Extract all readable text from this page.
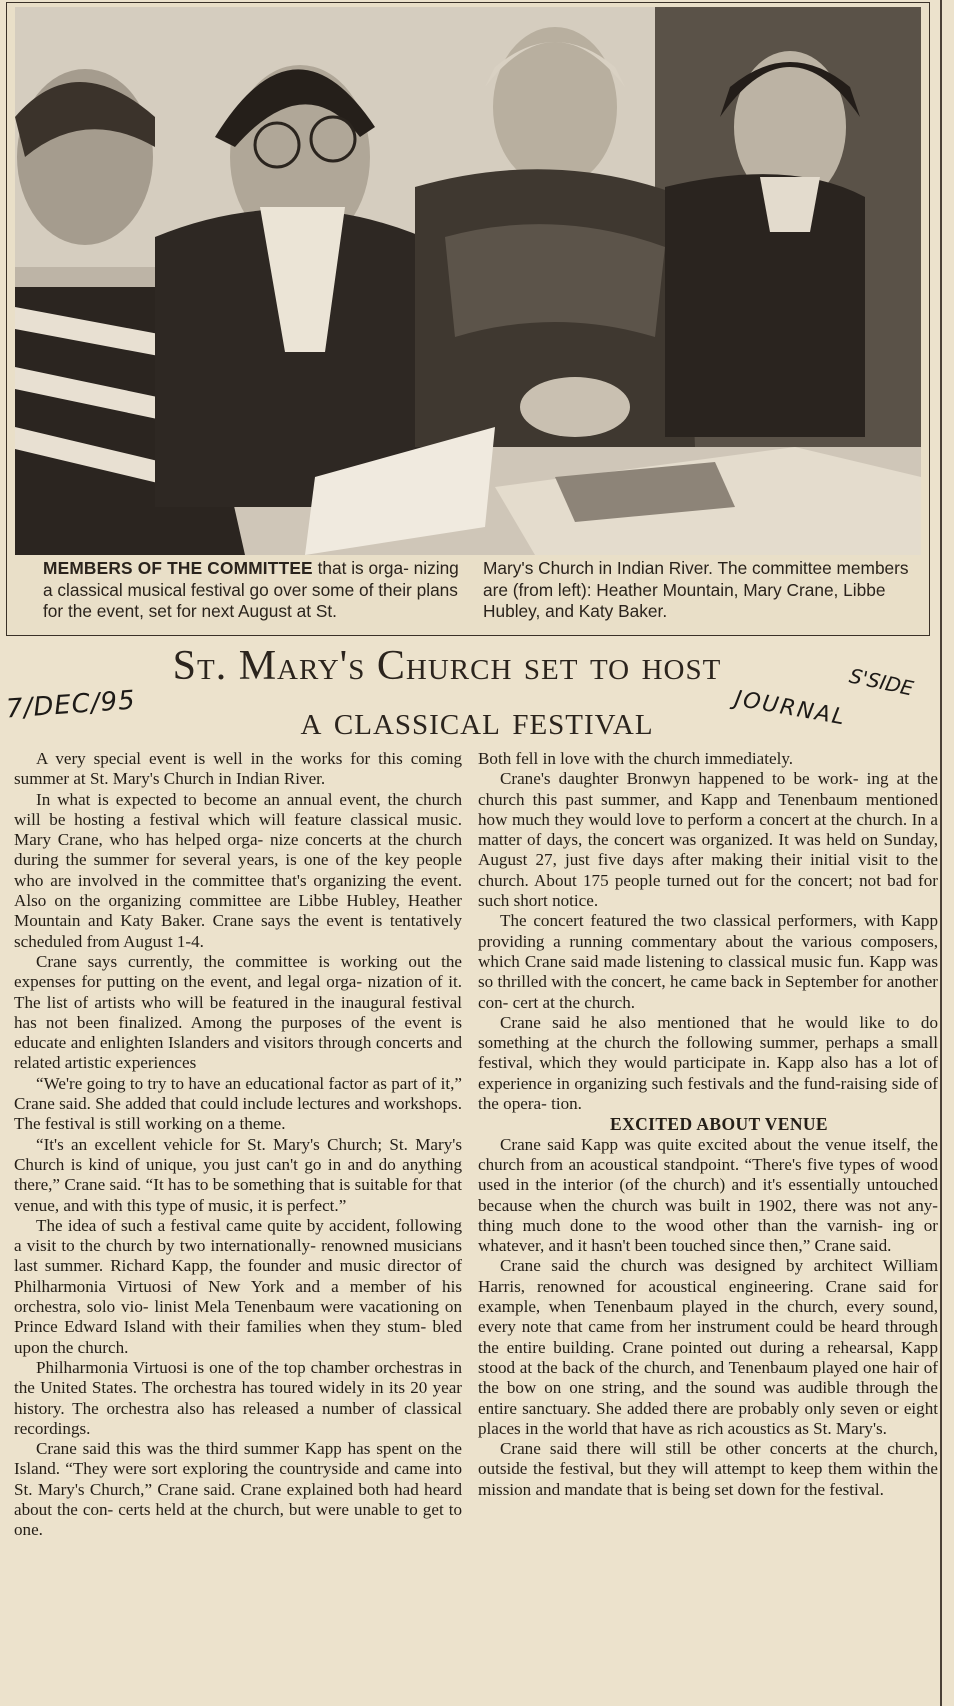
MEMBERS OF THE COMMITTEE that is orga- nizing a classical musical festival go over some of their plans for the event, set for next August at St.
Mary's Church in Indian River. The committee members are (from left): Heather Mountain, Mary Crane, Libbe Hubley, and Katy Baker.
St. Mary's Church set to host
a classical festival
7/DEC/95
S'SIDE
JOURNAL

A very special event is well in the works for this coming summer at St. Mary's Church in Indian River.

In what is expected to become an annual event, the church will be hosting a festival which will feature classical music. Mary Crane, who has helped orga- nize concerts at the church during the summer for several years, is one of the key people who are involved in the committee that's organizing the event. Also on the organizing committee are Libbe Hubley, Heather Mountain and Katy Baker. Crane says the event is tentatively scheduled from August 1-4.

Crane says currently, the committee is working out the expenses for putting on the event, and legal orga- nization of it. The list of artists who will be featured in the inaugural festival has not been finalized. Among the purposes of the event is educate and enlighten Islanders and visitors through concerts and related artistic experiences

“We're going to try to have an educational factor as part of it,” Crane said. She added that could include lectures and workshops. The festival is still working on a theme.

“It's an excellent vehicle for St. Mary's Church; St. Mary's Church is kind of unique, you just can't go in and do anything there,” Crane said. “It has to be something that is suitable for that venue, and with this type of music, it is perfect.”

The idea of such a festival came quite by accident, following a visit to the church by two internationally- renowned musicians last summer. Richard Kapp, the founder and music director of Philharmonia Virtuosi of New York and a member of his orchestra, solo vio- linist Mela Tenenbaum were vacationing on Prince Edward Island with their families when they stum- bled upon the church.

Philharmonia Virtuosi is one of the top chamber orchestras in the United States. The orchestra has toured widely in its 20 year history. The orchestra also has released a number of classical recordings.

Crane said this was the third summer Kapp has spent on the Island. “They were sort exploring the countryside and came into St. Mary's Church,” Crane said. Crane explained both had heard about the con- certs held at the church, but were unable to get to one.

Both fell in love with the church immediately.

Crane's daughter Bronwyn happened to be work- ing at the church this past summer, and Kapp and Tenenbaum mentioned how much they would love to perform a concert at the church. In a matter of days, the concert was organized. It was held on Sunday, August 27, just five days after making their initial visit to the church. About 175 people turned out for the concert; not bad for such short notice.

The concert featured the two classical performers, with Kapp providing a running commentary about the various composers, which Crane said made listening to classical music fun. Kapp was so thrilled with the concert, he came back in September for another con- cert at the church.

Crane said he also mentioned that he would like to do something at the church the following summer, perhaps a small festival, which they would participate in. Kapp also has a lot of experience in organizing such festivals and the fund-raising side of the opera- tion.

EXCITED ABOUT VENUE

Crane said Kapp was quite excited about the venue itself, the church from an acoustical standpoint. “There's five types of wood used in the interior (of the church) and it's essentially untouched because when the church was built in 1902, there was not any- thing much done to the wood other than the varnish- ing or whatever, and it hasn't been touched since then,” Crane said.

Crane said the church was designed by architect William Harris, renowned for acoustical engineering. Crane said for example, when Tenenbaum played in the church, every sound, every note that came from her instrument could be heard through the entire building. Crane pointed out during a rehearsal, Kapp stood at the back of the church, and Tenenbaum played one hair of the bow on one string, and the sound was audible through the entire sanctuary. She added there are probably only seven or eight places in the world that have as rich acoustics as St. Mary's.

Crane said there will still be other concerts at the church, outside the festival, but they will attempt to keep them within the mission and mandate that is being set down for the festival.
